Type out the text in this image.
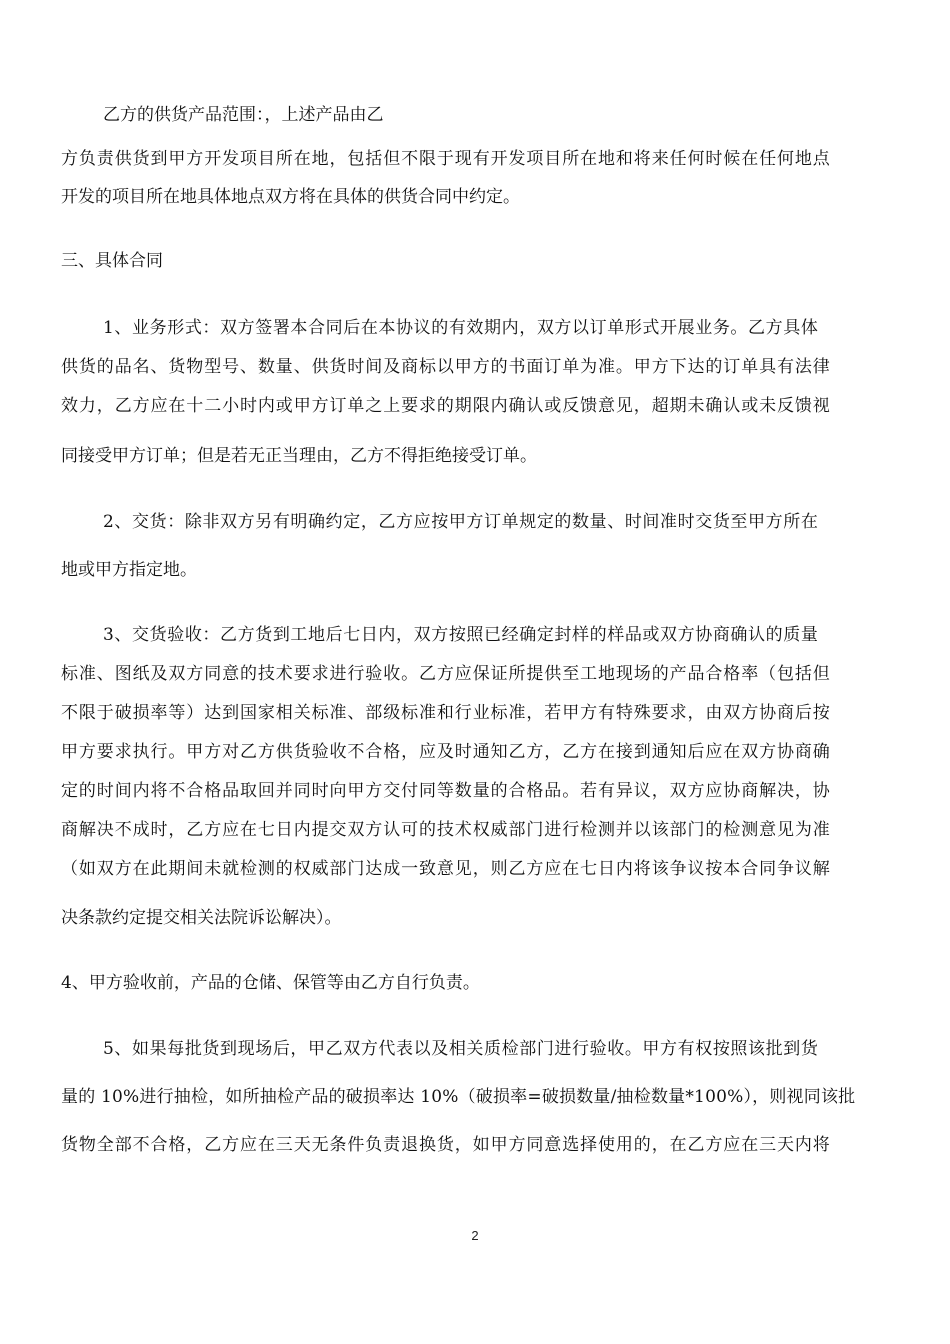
乙方的供货产品范围：，上述产品由乙
方负责供货到甲方开发项目所在地，包括但不限于现有开发项目所在地和将来任何时候在任何地点
开发的项目所在地具体地点双方将在具体的供货合同中约定。
三、具体合同
1、业务形式：双方签署本合同后在本协议的有效期内，双方以订单形式开展业务。乙方具体
供货的品名、货物型号、数量、供货时间及商标以甲方的书面订单为准。甲方下达的订单具有法律
效力，乙方应在十二小时内或甲方订单之上要求的期限内确认或反馈意见，超期未确认或未反馈视
同接受甲方订单；但是若无正当理由，乙方不得拒绝接受订单。
2、交货：除非双方另有明确约定，乙方应按甲方订单规定的数量、时间准时交货至甲方所在
地或甲方指定地。
3、交货验收：乙方货到工地后七日内，双方按照已经确定封样的样品或双方协商确认的质量
标准、图纸及双方同意的技术要求进行验收。乙方应保证所提供至工地现场的产品合格率（包括但
不限于破损率等）达到国家相关标准、部级标准和行业标准，若甲方有特殊要求，由双方协商后按
甲方要求执行。甲方对乙方供货验收不合格，应及时通知乙方，乙方在接到通知后应在双方协商确
定的时间内将不合格品取回并同时向甲方交付同等数量的合格品。若有异议，双方应协商解决，协
商解决不成时，乙方应在七日内提交双方认可的技术权威部门进行检测并以该部门的检测意见为准
（如双方在此期间未就检测的权威部门达成一致意见，则乙方应在七日内将该争议按本合同争议解
决条款约定提交相关法院诉讼解决）。
4、甲方验收前，产品的仓储、保管等由乙方自行负责。
5、如果每批货到现场后，甲乙双方代表以及相关质检部门进行验收。甲方有权按照该批到货
量的 10%进行抽检，如所抽检产品的破损率达 10%（破损率=破损数量/抽检数量*100%），则视同该批
货物全部不合格，乙方应在三天无条件负责退换货，如甲方同意选择使用的，在乙方应在三天内将
2
